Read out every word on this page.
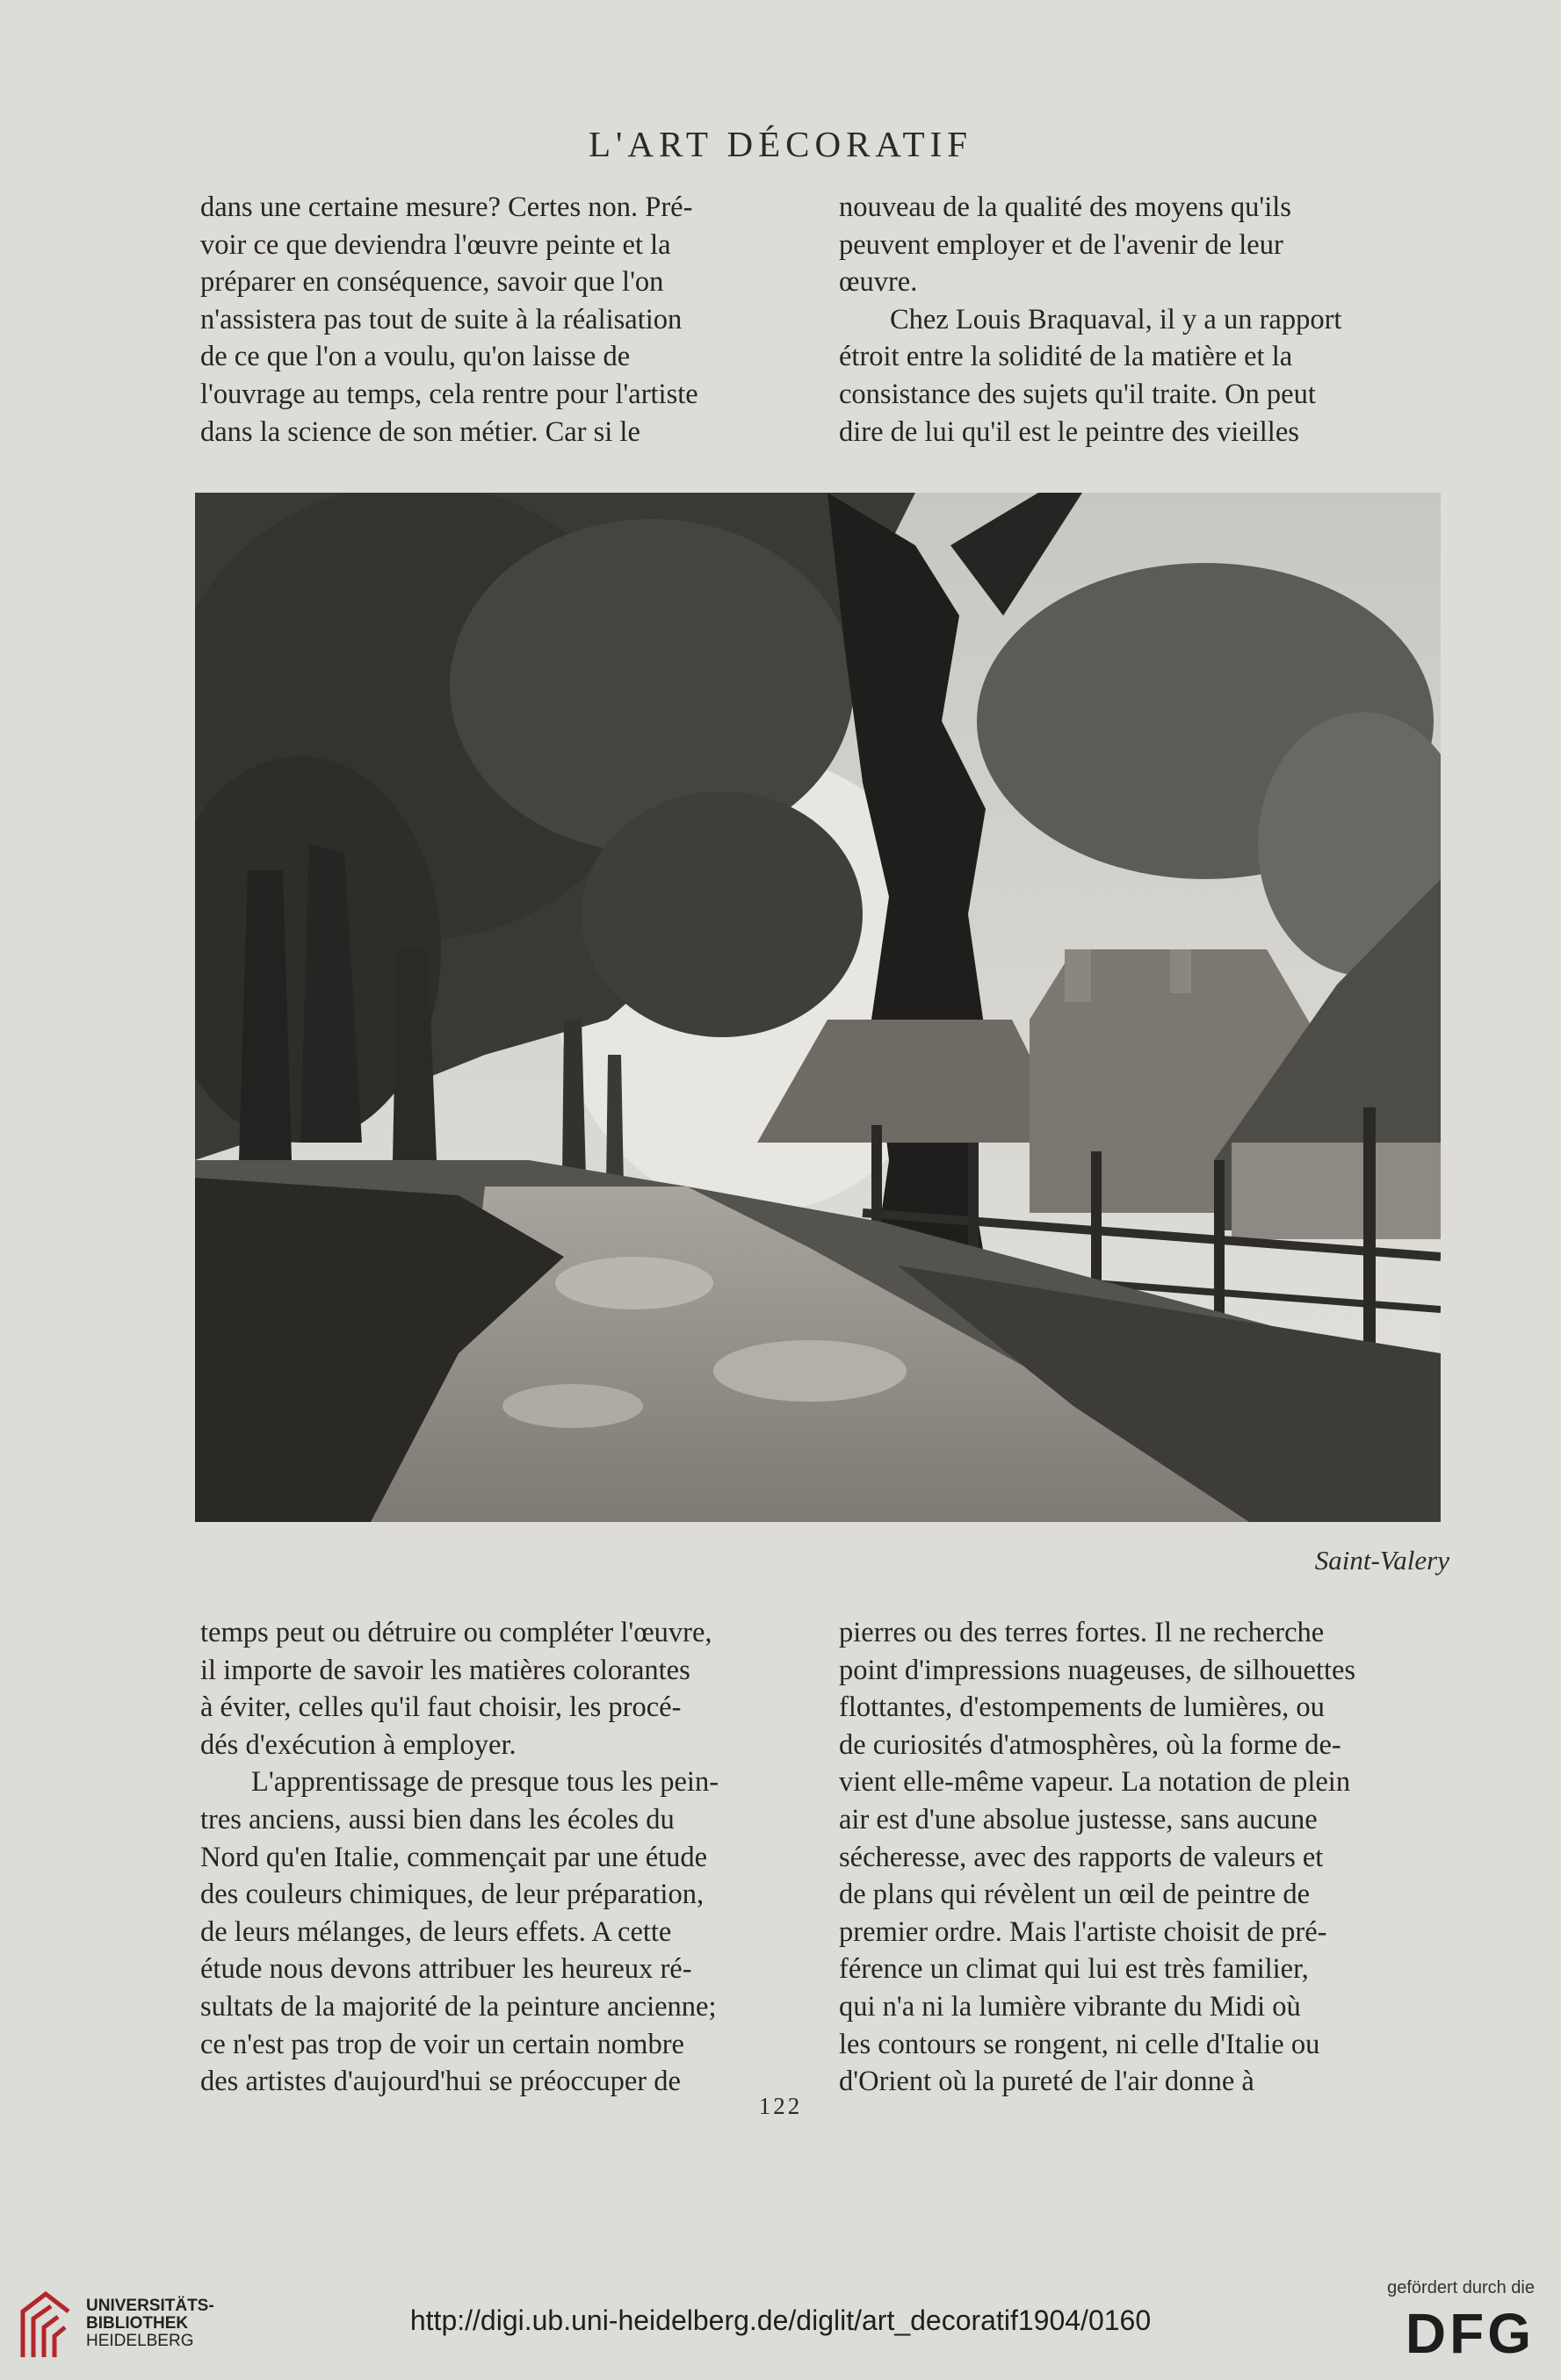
L'ART DÉCORATIF

dans une certaine mesure? Certes non. Pré-

voir ce que deviendra l'œuvre peinte et la

préparer en conséquence, savoir que l'on

n'assistera pas tout de suite à la réalisation

de ce que l'on a voulu, qu'on laisse de

l'ouvrage au temps, cela rentre pour l'artiste

dans la science de son métier. Car si le

nouveau de la qualité des moyens qu'ils

peuvent employer et de l'avenir de leur

œuvre.

Chez Louis Braquaval, il y a un rapport

étroit entre la solidité de la matière et la

consistance des sujets qu'il traite. On peut

dire de lui qu'il est le peintre des vieilles

Saint-Valery

temps peut ou détruire ou compléter l'œuvre,

il importe de savoir les matières colorantes

à éviter, celles qu'il faut choisir, les procé-

dés d'exécution à employer.

L'apprentissage de presque tous les pein-

tres anciens, aussi bien dans les écoles du

Nord qu'en Italie, commençait par une étude

des couleurs chimiques, de leur préparation,

de leurs mélanges, de leurs effets. A cette

étude nous devons attribuer les heureux ré-

sultats de la majorité de la peinture ancienne;

ce n'est pas trop de voir un certain nombre

des artistes d'aujourd'hui se préoccuper de

pierres ou des terres fortes. Il ne recherche

point d'impressions nuageuses, de silhouettes

flottantes, d'estompements de lumières, ou

de curiosités d'atmosphères, où la forme de-

vient elle-même vapeur. La notation de plein

air est d'une absolue justesse, sans aucune

sécheresse, avec des rapports de valeurs et

de plans qui révèlent un œil de peintre de

premier ordre. Mais l'artiste choisit de pré-

férence un climat qui lui est très familier,

qui n'a ni la lumière vibrante du Midi où

les contours se rongent, ni celle d'Italie ou

d'Orient où la pureté de l'air donne à

122
UNIVERSITÄTS-
BIBLIOTHEK
HEIDELBERG
http://digi.ub.uni-heidelberg.de/diglit/art_decoratif1904/0160
gefördert durch die
DFG
